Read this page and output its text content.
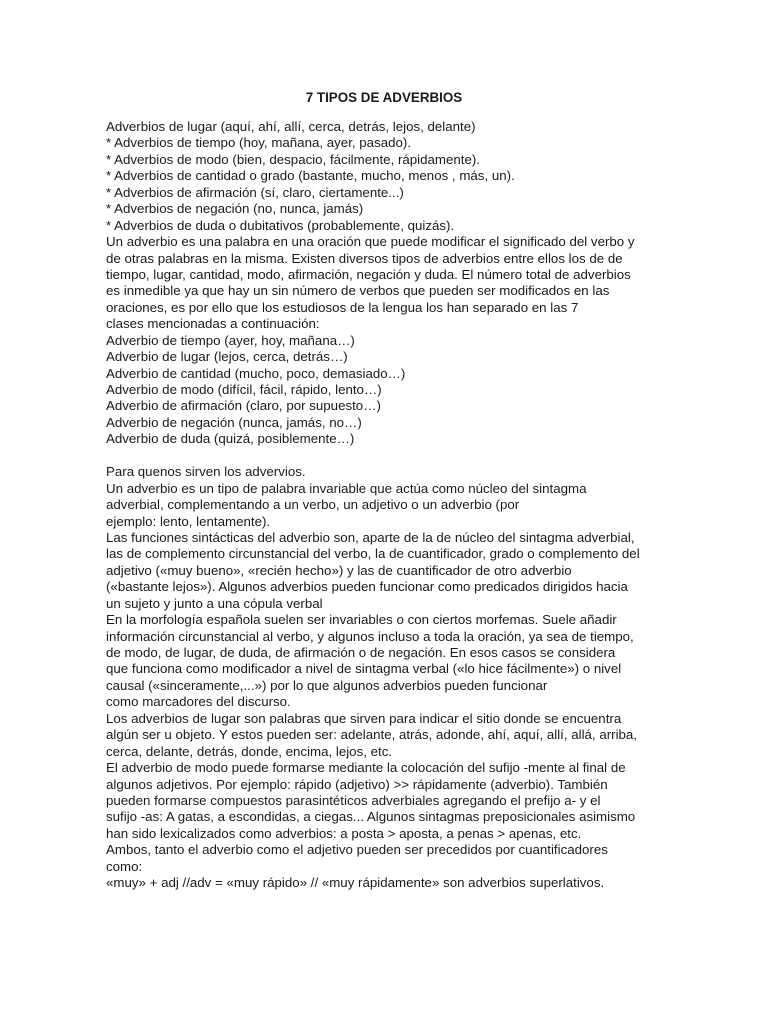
7 TIPOS DE ADVERBIOS
Adverbios de lugar (aquí, ahí, allí, cerca, detrás, lejos, delante)
* Adverbios de tiempo (hoy, mañana, ayer, pasado).
* Adverbios de modo (bien, despacio, fácilmente, rápidamente).
* Adverbios de cantidad o grado (bastante, mucho, menos , más, un).
* Adverbios de afirmación (sí, claro, ciertamente...)
* Adverbios de negación (no, nunca, jamás)
* Adverbios de duda o dubitativos (probablemente, quizás).
Un adverbio es una palabra en una oración que puede modificar el significado del verbo y
de otras palabras en la misma. Existen diversos tipos de adverbios entre ellos los de de
tiempo, lugar, cantidad, modo, afirmación, negación y duda. El número total de adverbios
es inmedible ya que hay un sin número de verbos que pueden ser modificados en las
oraciones, es por ello que los estudiosos de la lengua los han separado en las 7
clases mencionadas a continuación:
Adverbio de tiempo (ayer, hoy, mañana…)
Adverbio de lugar (lejos, cerca, detrás…)
Adverbio de cantidad (mucho, poco, demasiado…)
Adverbio de modo (difícil, fácil, rápido, lento…)
Adverbio de afirmación (claro, por supuesto…)
Adverbio de negación (nunca, jamás, no…)
Adverbio de duda (quizá, posiblemente…)
Para quenos sirven los advervios.
Un adverbio es un tipo de palabra invariable que actúa como núcleo del sintagma
adverbial, complementando a un verbo, un adjetivo o un adverbio (por
ejemplo: lento, lentamente).
Las funciones sintácticas del adverbio son, aparte de la de núcleo del sintagma adverbial,
las de complemento circunstancial del verbo, la de cuantificador, grado o complemento del
adjetivo («muy bueno», «recién hecho») y las de cuantificador de otro adverbio
(«bastante lejos»). Algunos adverbios pueden funcionar como predicados dirigidos hacia
un sujeto y junto a una cópula verbal
En la morfología española suelen ser invariables o con ciertos morfemas. Suele añadir
información circunstancial al verbo, y algunos incluso a toda la oración, ya sea de tiempo,
de modo, de lugar, de duda, de afirmación o de negación. En esos casos se considera
que funciona como modificador a nivel de sintagma verbal («lo hice fácilmente») o nivel
causal («sinceramente,...») por lo que algunos adverbios pueden funcionar
como marcadores del discurso.
Los adverbios de lugar son palabras que sirven para indicar el sitio donde se encuentra
algún ser u objeto. Y estos pueden ser: adelante, atrás, adonde, ahí, aquí, allí, allá, arriba,
cerca, delante, detrás, donde, encima, lejos, etc.
El adverbio de modo puede formarse mediante la colocación del sufijo -mente al final de
algunos adjetivos. Por ejemplo: rápido (adjetivo) >> rápidamente (adverbio). También
pueden formarse compuestos parasintéticos adverbiales agregando el prefijo a- y el
sufijo -as: A gatas, a escondidas, a ciegas... Algunos sintagmas preposicionales asimismo
han sido lexicalizados como adverbios: a posta > aposta, a penas > apenas, etc.
Ambos, tanto el adverbio como el adjetivo pueden ser precedidos por cuantificadores
como:
«muy» + adj //adv = «muy rápido» // «muy rápidamente» son adverbios superlativos.
